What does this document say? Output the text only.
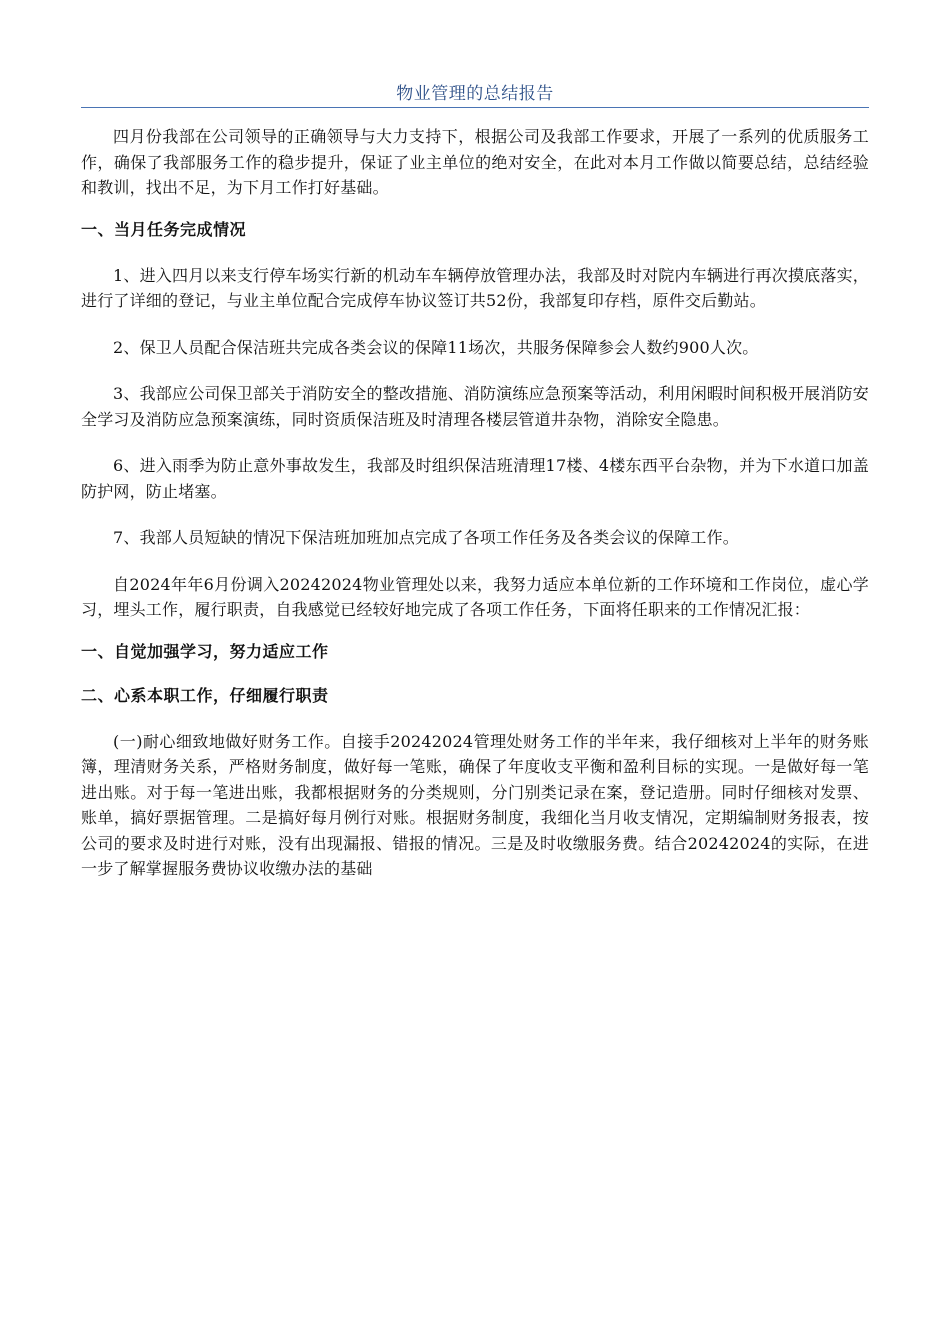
物业管理的总结报告

四月份我部在公司领导的正确领导与大力支持下，根据公司及我部工作要求，开展了一系列的优质服务工作，确保了我部服务工作的稳步提升，保证了业主单位的绝对安全，在此对本月工作做以简要总结，总结经验和教训，找出不足，为下月工作打好基础。

一、当月任务完成情况

1、进入四月以来支行停车场实行新的机动车车辆停放管理办法，我部及时对院内车辆进行再次摸底落实，进行了详细的登记，与业主单位配合完成停车协议签订共52份，我部复印存档，原件交后勤站。

2、保卫人员配合保洁班共完成各类会议的保障11场次，共服务保障参会人数约900人次。

3、我部应公司保卫部关于消防安全的整改措施、消防演练应急预案等活动，利用闲暇时间积极开展消防安全学习及消防应急预案演练，同时资质保洁班及时清理各楼层管道井杂物，消除安全隐患。

6、进入雨季为防止意外事故发生，我部及时组织保洁班清理17楼、4楼东西平台杂物，并为下水道口加盖防护网，防止堵塞。

7、我部人员短缺的情况下保洁班加班加点完成了各项工作任务及各类会议的保障工作。

自2024年年6月份调入20242024物业管理处以来，我努力适应本单位新的工作环境和工作岗位，虚心学习，埋头工作，履行职责，自我感觉已经较好地完成了各项工作任务，下面将任职来的工作情况汇报：

一、自觉加强学习，努力适应工作

二、心系本职工作，仔细履行职责

(一)耐心细致地做好财务工作。自接手20242024管理处财务工作的半年来，我仔细核对上半年的财务账簿，理清财务关系，严格财务制度，做好每一笔账，确保了年度收支平衡和盈利目标的实现。一是做好每一笔进出账。对于每一笔进出账，我都根据财务的分类规则，分门别类记录在案，登记造册。同时仔细核对发票、账单，搞好票据管理。二是搞好每月例行对账。根据财务制度，我细化当月收支情况，定期编制财务报表，按公司的要求及时进行对账，没有出现漏报、错报的情况。三是及时收缴服务费。结合20242024的实际，在进一步了解掌握服务费协议收缴办法的基础
